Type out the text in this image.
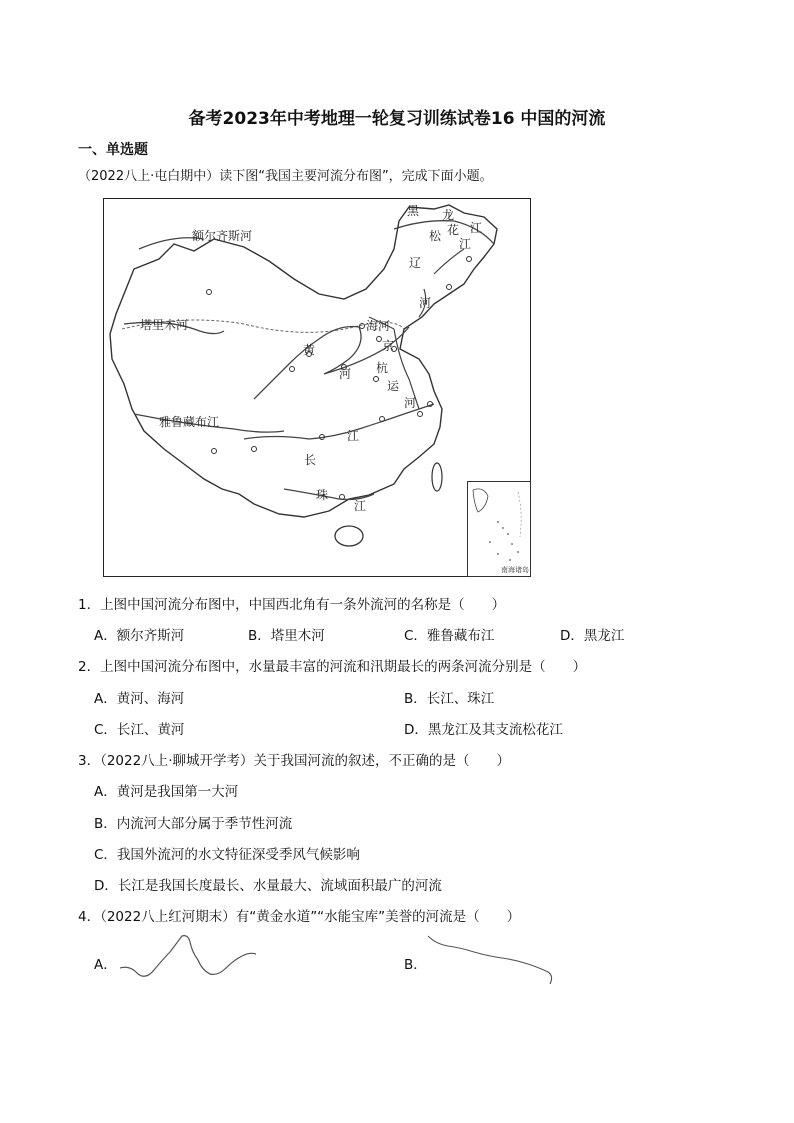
备考2023年中考地理一轮复习训练试卷16 中国的河流
一、单选题
（2022八上·屯白期中）读下图“我国主要河流分布图”，完成下面小题。
额尔齐斯河
塔里木河
雅鲁藏布江
黑 龙
江
江
花
松
辽
河
海河
黄	京
河 杭
运
河
江
长
珠
江
南海诸岛
1．上图中国河流分布图中，中国西北角有一条外流河的名称是（　　）
A．额尔齐斯河	B．塔里木河	C．雅鲁藏布江	D．黑龙江
2．上图中国河流分布图中，水量最丰富的河流和汛期最长的两条河流分别是（　　）
A．黄河、海河	B．长江、珠江
C．长江、黄河	D．黑龙江及其支流松花江
3．（2022八上·聊城开学考）关于我国河流的叙述，不正确的是（　　）
A．黄河是我国第一大河
B．内流河大部分属于季节性河流
C．我国外流河的水文特征深受季风气候影响
D．长江是我国长度最长、水量最大、流域面积最广的河流
4．（2022八上红河期末）有“黄金水道”“水能宝库”美誉的河流是（　　）
A．	B．
